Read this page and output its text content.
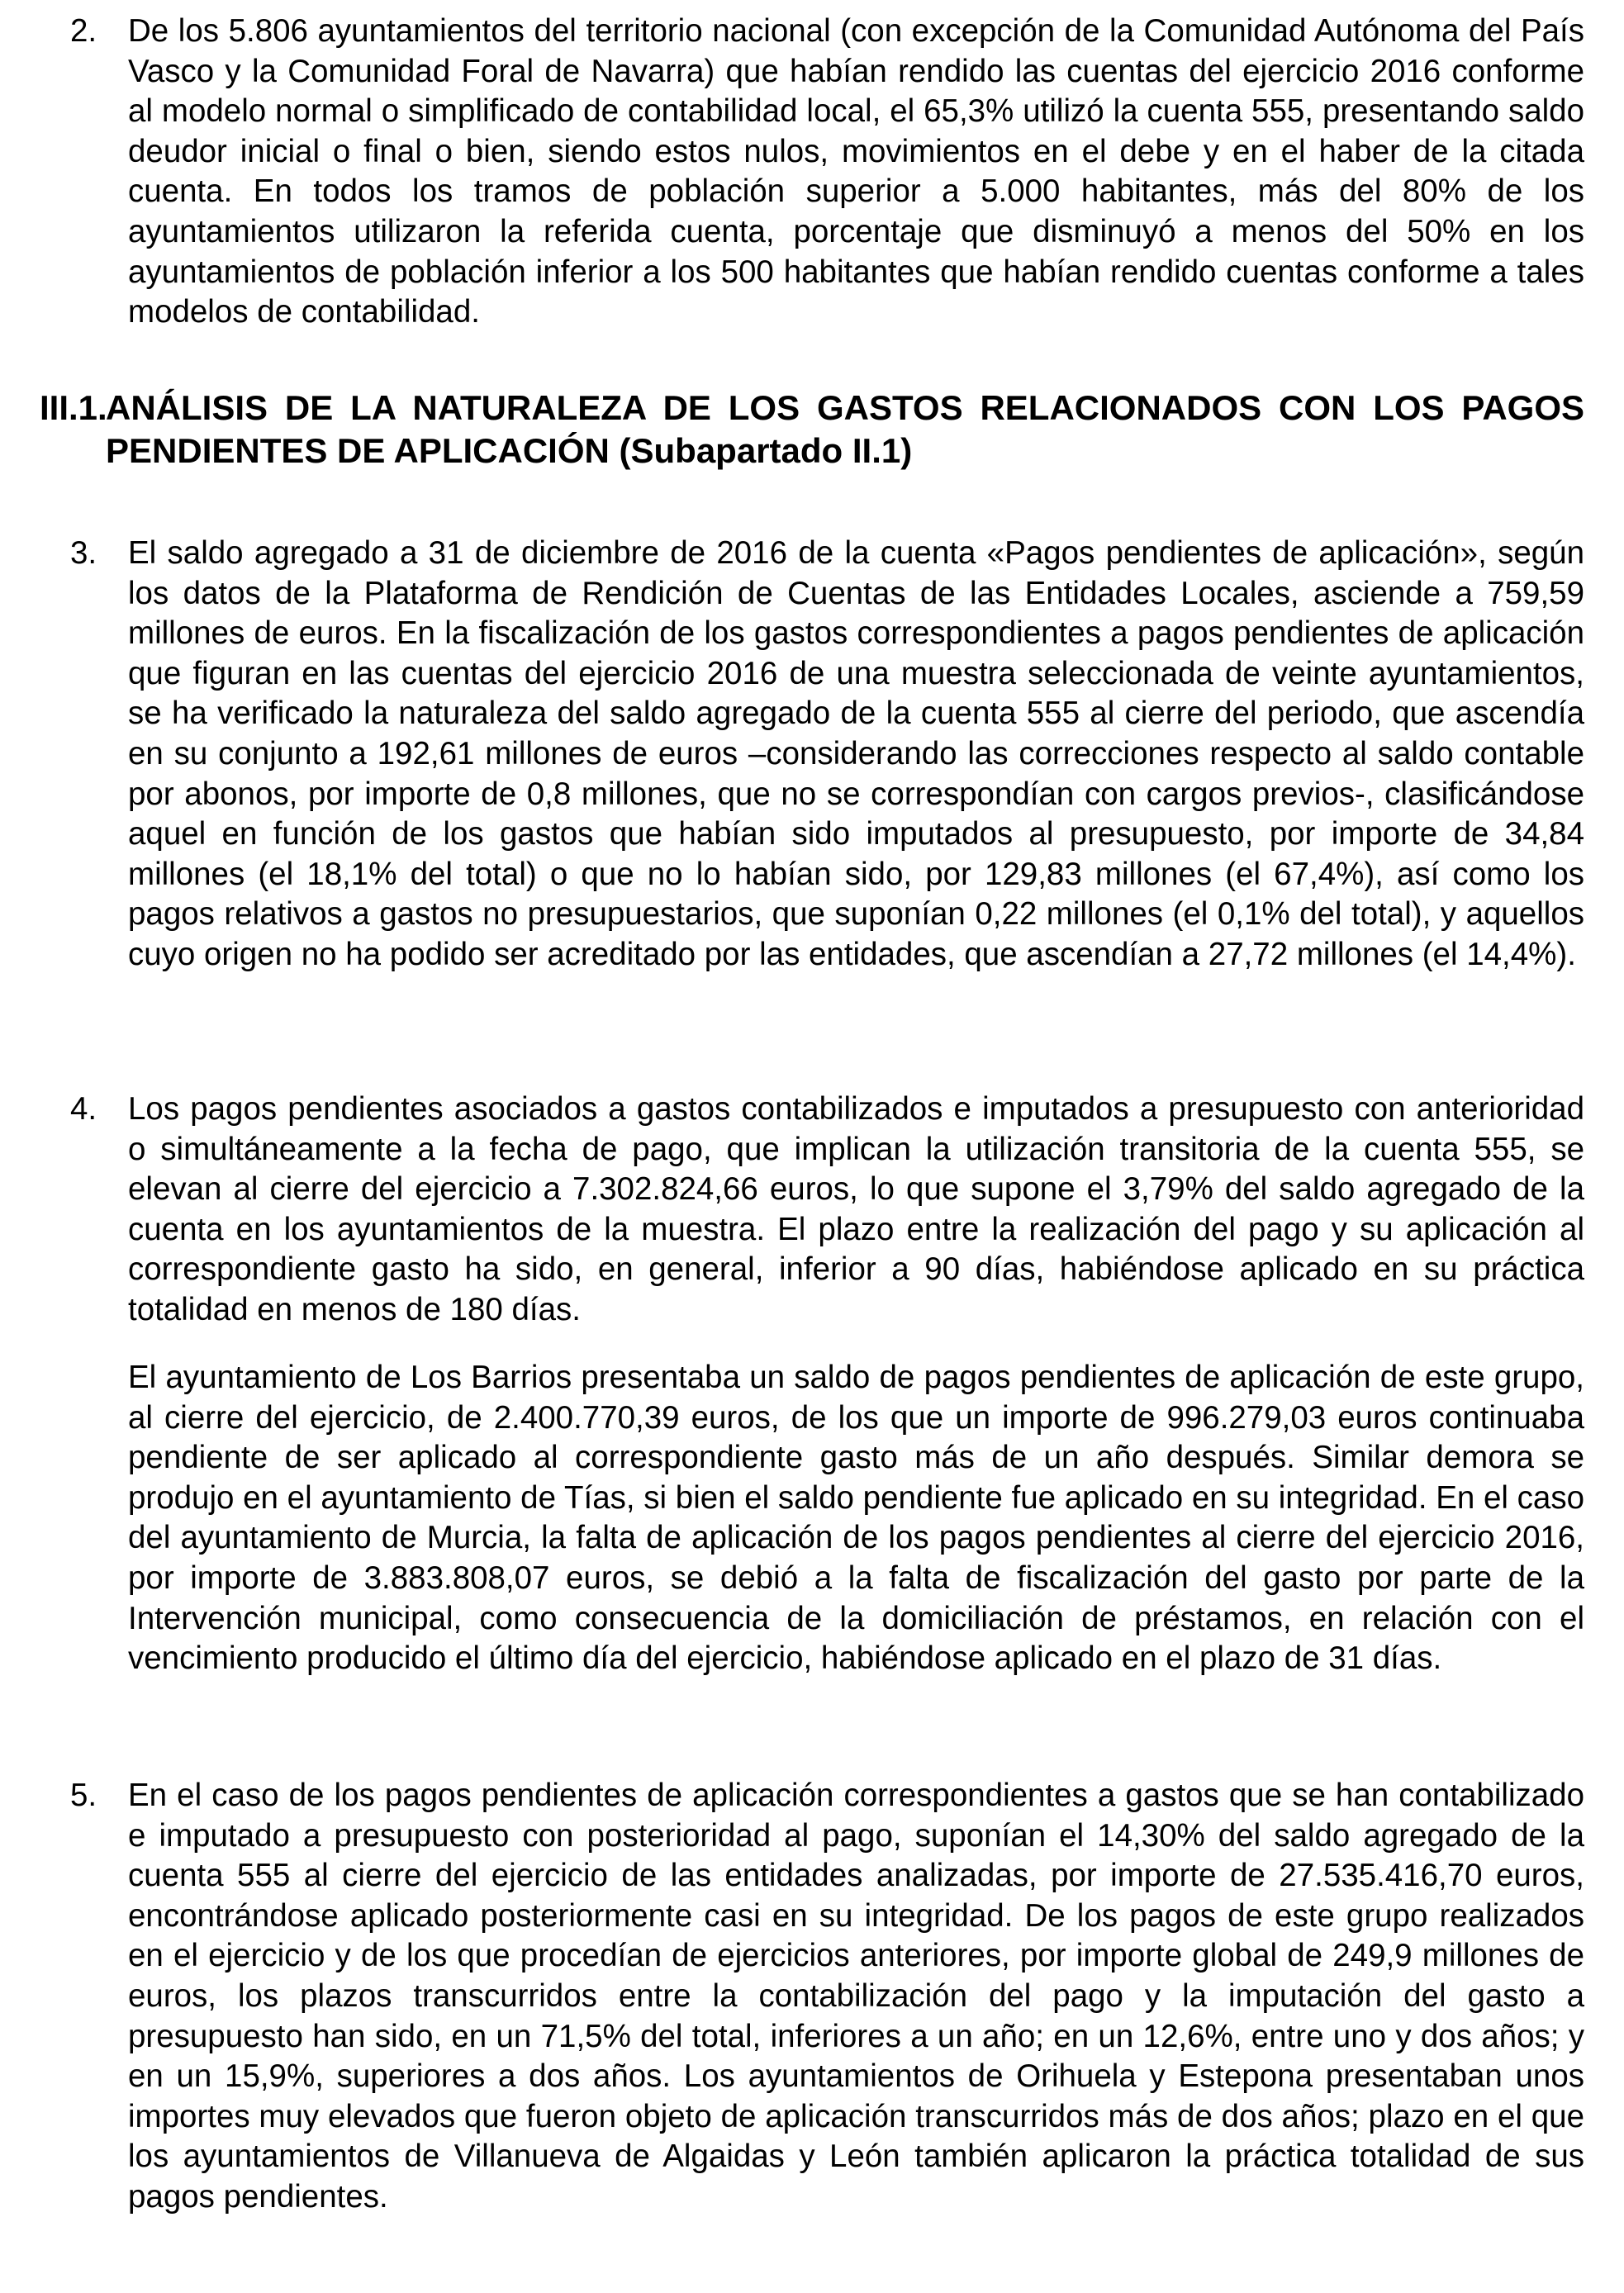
2. De los 5.806 ayuntamientos del territorio nacional (con excepción de la Comunidad Autónoma del País Vasco y la Comunidad Foral de Navarra) que habían rendido las cuentas del ejercicio 2016 conforme al modelo normal o simplificado de contabilidad local, el 65,3% utilizó la cuenta 555, presentando saldo deudor inicial o final o bien, siendo estos nulos, movimientos en el debe y en el haber de la citada cuenta. En todos los tramos de población superior a 5.000 habitantes, más del 80% de los ayuntamientos utilizaron la referida cuenta, porcentaje que disminuyó a menos del 50% en los ayuntamientos de población inferior a los 500 habitantes que habían rendido cuentas conforme a tales modelos de contabilidad.

III.1.

ANÁLISIS DE LA NATURALEZA DE LOS GASTOS RELACIONADOS CON LOS PAGOS PENDIENTES DE APLICACIÓN (Subapartado II.1)

3. El saldo agregado a 31 de diciembre de 2016 de la cuenta «Pagos pendientes de aplicación», según los datos de la Plataforma de Rendición de Cuentas de las Entidades Locales, asciende a 759,59 millones de euros. En la fiscalización de los gastos correspondientes a pagos pendientes de aplicación que figuran en las cuentas del ejercicio 2016 de una muestra seleccionada de veinte ayuntamientos, se ha verificado la naturaleza del saldo agregado de la cuenta 555 al cierre del periodo, que ascendía en su conjunto a 192,61 millones de euros –considerando las correcciones respecto al saldo contable por abonos, por importe de 0,8 millones, que no se correspondían con cargos previos-, clasificándose aquel en función de los gastos que habían sido imputados al presupuesto, por importe de 34,84 millones (el 18,1% del total) o que no lo habían sido, por 129,83 millones (el 67,4%), así como los pagos relativos a gastos no presupuestarios, que suponían 0,22 millones (el 0,1% del total), y aquellos cuyo origen no ha podido ser acreditado por las entidades, que ascendían a 27,72 millones (el 14,4%).

4. Los pagos pendientes asociados a gastos contabilizados e imputados a presupuesto con anterioridad o simultáneamente a la fecha de pago, que implican la utilización transitoria de la cuenta 555, se elevan al cierre del ejercicio a 7.302.824,66 euros, lo que supone el 3,79% del saldo agregado de la cuenta en los ayuntamientos de la muestra. El plazo entre la realización del pago y su aplicación al correspondiente gasto ha sido, en general, inferior a 90 días, habiéndose aplicado en su práctica totalidad en menos de 180 días.

El ayuntamiento de Los Barrios presentaba un saldo de pagos pendientes de aplicación de este grupo, al cierre del ejercicio, de 2.400.770,39 euros, de los que un importe de 996.279,03 euros continuaba pendiente de ser aplicado al correspondiente gasto más de un año después. Similar demora se produjo en el ayuntamiento de Tías, si bien el saldo pendiente fue aplicado en su integridad. En el caso del ayuntamiento de Murcia, la falta de aplicación de los pagos pendientes al cierre del ejercicio 2016, por importe de 3.883.808,07 euros, se debió a la falta de fiscalización del gasto por parte de la Intervención municipal, como consecuencia de la domiciliación de préstamos, en relación con el vencimiento producido el último día del ejercicio, habiéndose aplicado en el plazo de 31 días.

5. En el caso de los pagos pendientes de aplicación correspondientes a gastos que se han contabilizado e imputado a presupuesto con posterioridad al pago, suponían el 14,30% del saldo agregado de la cuenta 555 al cierre del ejercicio de las entidades analizadas, por importe de 27.535.416,70 euros, encontrándose aplicado posteriormente casi en su integridad. De los pagos de este grupo realizados en el ejercicio y de los que procedían de ejercicios anteriores, por importe global de 249,9 millones de euros, los plazos transcurridos entre la contabilización del pago y la imputación del gasto a presupuesto han sido, en un 71,5% del total, inferiores a un año; en un 12,6%, entre uno y dos años; y en un 15,9%, superiores a dos años. Los ayuntamientos de Orihuela y Estepona presentaban unos importes muy elevados que fueron objeto de aplicación transcurridos más de dos años; plazo en el que los ayuntamientos de Villanueva de Algaidas y León también aplicaron la práctica totalidad de sus pagos pendientes.
